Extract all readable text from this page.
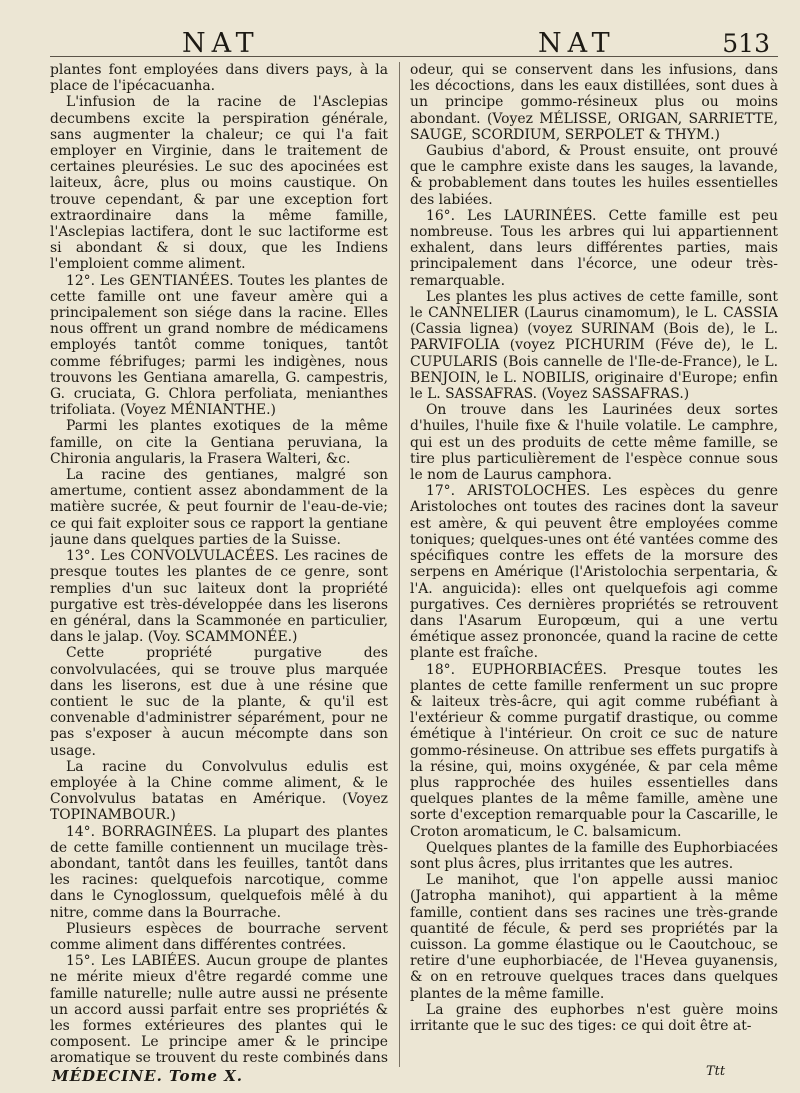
NAT	NAT	513

plantes font employées dans divers pays, à la place de l'ipécacuanha.

L'infusion de la racine de l'Asclepias decumbens excite la perspiration générale, sans augmenter la chaleur; ce qui l'a fait employer en Virginie, dans le traitement de certaines pleurésies. Le suc des apocinées est laiteux, âcre, plus ou moins caustique. On trouve cependant, & par une exception fort extraordinaire dans la même famille, l'Asclepias lactifera, dont le suc lactiforme est si abondant & si doux, que les Indiens l'emploient comme aliment.

12°. Les GENTIANÉES. Toutes les plantes de cette famille ont une faveur amère qui a principalement son siége dans la racine. Elles nous offrent un grand nombre de médicamens employés tantôt comme toniques, tantôt comme fébrifuges; parmi les indigènes, nous trouvons les Gentiana amarella, G. campestris, G. cruciata, G. Chlora perfoliata, menianthes trifoliata. (Voyez MÉNIANTHE.)

Parmi les plantes exotiques de la même famille, on cite la Gentiana peruviana, la Chironia angularis, la Frasera Walteri, &c.

La racine des gentianes, malgré son amertume, contient assez abondamment de la matière sucrée, & peut fournir de l'eau-de-vie; ce qui fait exploiter sous ce rapport la gentiane jaune dans quelques parties de la Suisse.

13°. Les CONVOLVULACÉES. Les racines de presque toutes les plantes de ce genre, sont remplies d'un suc laiteux dont la propriété purgative est très-développée dans les liserons en général, dans la Scammonée en particulier, dans le jalap. (Voy. SCAMMONÉE.)

Cette propriété purgative des convolvulacées, qui se trouve plus marquée dans les liserons, est due à une résine que contient le suc de la plante, & qu'il est convenable d'administrer séparément, pour ne pas s'exposer à aucun mécompte dans son usage.

La racine du Convolvulus edulis est employée à la Chine comme aliment, & le Convolvulus batatas en Amérique. (Voyez TOPINAMBOUR.)

14°. BORRAGINÉES. La plupart des plantes de cette famille contiennent un mucilage très-abondant, tantôt dans les feuilles, tantôt dans les racines: quelquefois narcotique, comme dans le Cynoglossum, quelquefois mêlé à du nitre, comme dans la Bourrache.

Plusieurs espèces de bourrache servent comme aliment dans différentes contrées.

15°. Les LABIÉES. Aucun groupe de plantes ne mérite mieux d'être regardé comme une famille naturelle; nulle autre aussi ne présente un accord aussi parfait entre ses propriétés & les formes extérieures des plantes qui le composent. Le principe amer & le principe aromatique se trouvent du reste combinés dans

odeur, qui se conservent dans les infusions, dans les décoctions, dans les eaux distillées, sont dues à un principe gommo-résineux plus ou moins abondant. (Voyez MÉLISSE, ORIGAN, SARRIETTE, SAUGE, SCORDIUM, SERPOLET & THYM.)

Gaubius d'abord, & Proust ensuite, ont prouvé que le camphre existe dans les sauges, la lavande, & probablement dans toutes les huiles essentielles des labiées.

16°. Les LAURINÉES. Cette famille est peu nombreuse. Tous les arbres qui lui appartiennent exhalent, dans leurs différentes parties, mais principalement dans l'écorce, une odeur très-remarquable.

Les plantes les plus actives de cette famille, sont le CANNELIER (Laurus cinamomum), le L. CASSIA (Cassia lignea) (voyez SURINAM (Bois de), le L. PARVIFOLIA (voyez PICHURIM (Féve de), le L. CUPULARIS (Bois cannelle de l'Ile-de-France), le L. BENJOIN, le L. NOBILIS, originaire d'Europe; enfin le L. SASSAFRAS. (Voyez SASSAFRAS.)

On trouve dans les Laurinées deux sortes d'huiles, l'huile fixe & l'huile volatile. Le camphre, qui est un des produits de cette même famille, se tire plus particulièrement de l'espèce connue sous le nom de Laurus camphora.

17°. ARISTOLOCHES. Les espèces du genre Aristoloches ont toutes des racines dont la saveur est amère, & qui peuvent être employées comme toniques; quelques-unes ont été vantées comme des spécifiques contre les effets de la morsure des serpens en Amérique (l'Aristolochia serpentaria, & l'A. anguicida): elles ont quelquefois agi comme purgatives. Ces dernières propriétés se retrouvent dans l'Asarum Europœum, qui a une vertu émétique assez prononcée, quand la racine de cette plante est fraîche.

18°. EUPHORBIACÉES. Presque toutes les plantes de cette famille renferment un suc propre & laiteux très-âcre, qui agit comme rubéfiant à l'extérieur & comme purgatif drastique, ou comme émétique à l'intérieur. On croit ce suc de nature gommo-résineuse. On attribue ses effets purgatifs à la résine, qui, moins oxygénée, & par cela même plus rapprochée des huiles essentielles dans quelques plantes de la même famille, amène une sorte d'exception remarquable pour la Cascarille, le Croton aromaticum, le C. balsamicum.

Quelques plantes de la famille des Euphorbiacées sont plus âcres, plus irritantes que les autres.

Le manihot, que l'on appelle aussi manioc (Jatropha manihot), qui appartient à la même famille, contient dans ses racines une très-grande quantité de fécule, & perd ses propriétés par la cuisson. La gomme élastique ou le Caoutchouc, se retire d'une euphorbiacée, de l'Hevea guyanensis, & on en retrouve quelques traces dans quelques plantes de la même famille.

La graine des euphorbes n'est guère moins irritante que le suc des tiges: ce qui doit être at-

MÉDECINE. Tome X.	Ttt
